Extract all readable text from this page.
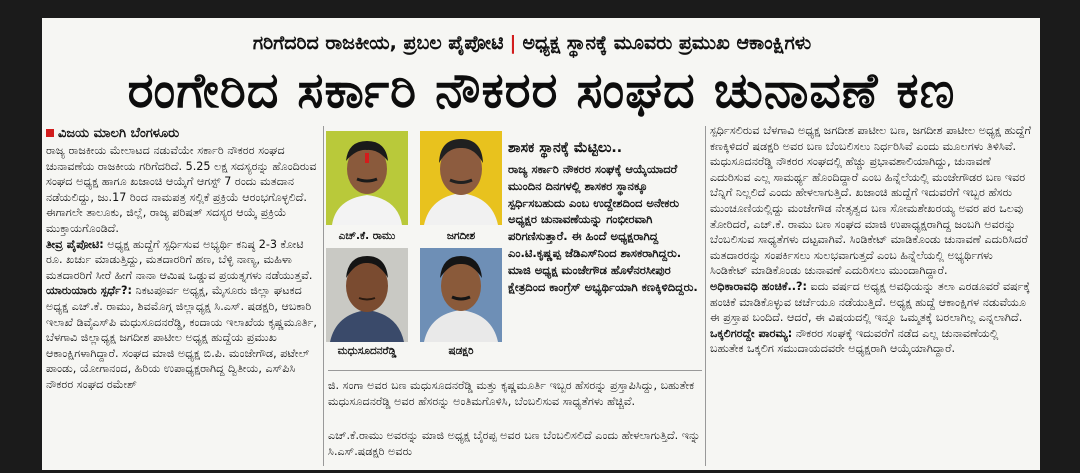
ಗರಿಗೆದರಿದ ರಾಜಕೀಯ, ಪ್ರಬಲ ಪೈಪೋಟಿ | ಅಧ್ಯಕ್ಷ ಸ್ಥಾನಕ್ಕೆ ಮೂವರು ಪ್ರಮುಖ ಆಕಾಂಕ್ಷಿಗಳು
ರಂಗೇರಿದ ಸರ್ಕಾರಿ ನೌಕರರ ಸಂಘದ ಚುನಾವಣೆ ಕಣ
ವಿಜಯ ಮಾಲಗಿ ಬೆಂಗಳೂರು

ರಾಜ್ಯ ರಾಜಕೀಯ ಮೇಲಾಟದ ನಡುವೆಯೇ ಸರ್ಕಾರಿ ನೌಕರರ ಸಂಘದ ಚುನಾವಣೆಯ ರಾಜಕೀಯ ಗರಿಗೆದರಿದೆ. 5.25 ಲಕ್ಷ ಸದಸ್ಯರನ್ನು ಹೊಂದಿರುವ ಸಂಘದ ಅಧ್ಯಕ್ಷ ಹಾಗೂ ಖಜಾಂಚಿ ಆಯ್ಕೆಗೆ ಆಗಸ್ಟ್ 7 ರಂದು ಮತದಾನ ನಡೆಯಲಿದ್ದು, ಜು.17 ರಿಂದ ನಾಮಪತ್ರ ಸಲ್ಲಿಕೆ ಪ್ರಕ್ರಿಯೆ ಆರಂಭಗೊಳ್ಳಲಿದೆ. ಈಗಾಗಲೇ ತಾಲೂಕು, ಜಿಲ್ಲೆ, ರಾಜ್ಯ ಪರಿಷತ್ ಸದಸ್ಯರ ಆಯ್ಕೆ ಪ್ರಕ್ರಿಯೆ ಮುಕ್ತಾಯಗೊಂಡಿದೆ.

ತೀವ್ರ ಪೈಪೋಟಿ: ಅಧ್ಯಕ್ಷ ಹುದ್ದೆಗೆ ಸ್ಪರ್ಧಿಸುವ ಅಭ್ಯರ್ಥಿ ಕನಿಷ್ಠ 2-3 ಕೋಟಿ ರೂ. ಖರ್ಚು ಮಾಡುತ್ತಿದ್ದು, ಮತದಾರರಿಗೆ ಹಣ, ಬೆಳ್ಳಿ ನಾಣ್ಯ, ಮಹಿಳಾ ಮತದಾರರಿಗೆ ಸೀರೆ ಹೀಗೆ ನಾನಾ ಆಮಿಷ ಒಡ್ಡುವ ಪ್ರಯತ್ನಗಳು ನಡೆಯುತ್ತವೆ.

ಯಾರುಯಾರು ಸ್ಪರ್ಧೆ?: ನಿಕಟಪೂರ್ವ ಅಧ್ಯಕ್ಷ, ಮೈಸೂರು ಜಿಲ್ಲಾ ಘಟಕದ ಅಧ್ಯಕ್ಷ ಎಚ್.ಕೆ. ರಾಮು, ಶಿವಮೊಗ್ಗ ಜಿಲ್ಲಾಧ್ಯಕ್ಷ ಸಿ.ಎಸ್. ಷಡಕ್ಷರಿ, ಆಬಕಾರಿ ಇಲಾಖೆ ಡಿವೈಎಸ್‌ಪಿ ಮಧುಸೂದನರೆಡ್ಡಿ, ಕಂದಾಯ ಇಲಾಖೆಯ ಕೃಷ್ಣಮೂರ್ತಿ, ಬೆಳಗಾವಿ ಜಿಲ್ಲಾಧ್ಯಕ್ಷ ಜಗದೀಶ ಪಾಟೀಲ ಅಧ್ಯಕ್ಷ ಹುದ್ದೆಯ ಪ್ರಮುಖ ಆಕಾಂಕ್ಷಿಗಳಾಗಿದ್ದಾರೆ. ಸಂಘದ ಮಾಜಿ ಅಧ್ಯಕ್ಷ ಬಿ.ಪಿ. ಮಂಜೇಗೌಡ, ಪಟೇಲ್ ಪಾಂಡು, ಯೋಗಾನಂದ, ಹಿರಿಯ ಉಪಾಧ್ಯಕ್ಷರಾಗಿದ್ದ ದ್ವಿತೀಯ, ಎಸ್‌ಪಿಸಿ ನೌಕರರ ಸಂಘದ ರಮೇಶ್

ಎಚ್.ಕೆ. ರಾಮು	ಜಗದೀಶ
ಮಧುಸೂದನರೆಡ್ಡಿ	ಷಡಕ್ಷರಿ
ಶಾಸಕ ಸ್ಥಾನಕ್ಕೆ ಮೆಟ್ಟಿಲು..
ರಾಜ್ಯ ಸರ್ಕಾರಿ ನೌಕರರ ಸಂಘಕ್ಕೆ ಆಯ್ಕೆಯಾದರೆ ಮುಂದಿನ ದಿನಗಳಲ್ಲಿ ಶಾಸಕರ ಸ್ಥಾನಕ್ಕೂ ಸ್ಪರ್ಧಿಸಬಹುದು ಎಂಬ ಉದ್ದೇಶದಿಂದ ಅನೇಕರು ಅಧ್ಯಕ್ಷರ ಚುನಾವಣೆಯನ್ನು ಗಂಭೀರವಾಗಿ ಪರಿಗಣಿಸುತ್ತಾರೆ. ಈ ಹಿಂದೆ ಅಧ್ಯಕ್ಷರಾಗಿದ್ದ ಎಂ.ಟಿ.ಕೃಷ್ಣಪ್ಪ ಜೆಡಿಎಸ್‌ನಿಂದ ಶಾಸಕರಾಗಿದ್ದರು. ಮಾಜಿ ಅಧ್ಯಕ್ಷ ಮಂಜೇಗೌಡ ಹೊಳೆನರಸೀಪುರ ಕ್ಷೇತ್ರದಿಂದ ಕಾಂಗ್ರೆಸ್ ಅಭ್ಯರ್ಥಿಯಾಗಿ ಕಣಕ್ಕಿಳಿದಿದ್ದರು.
ಜಿ. ಸಂಗಾ ಅವರ ಬಣ ಮಧುಸೂದನರೆಡ್ಡಿ ಮತ್ತು ಕೃಷ್ಣಮೂರ್ತಿ ಇಬ್ಬರ ಹೆಸರನ್ನು ಪ್ರಸ್ತಾಪಿಸಿದ್ದು, ಬಹುತೇಕ ಮಧುಸೂದನರೆಡ್ಡಿ ಅವರ ಹೆಸರನ್ನು ಅಂತಿಮಗೊಳಿಸಿ, ಬೆಂಬಲಿಸುವ ಸಾಧ್ಯತೆಗಳು ಹೆಚ್ಚಿವೆ.
ಎಚ್.ಕೆ.ರಾಮು ಅವರನ್ನು ಮಾಜಿ ಅಧ್ಯಕ್ಷ ಬೈರಪ್ಪ ಅವರ ಬಣ ಬೆಂಬಲಿಸಲಿದೆ ಎಂದು ಹೇಳಲಾಗುತ್ತಿದೆ. ಇನ್ನು ಸಿ.ಎಸ್.ಷಡಕ್ಷರಿ ಅವರು

ಸ್ಪರ್ಧಿಸಲಿರುವ ಬೆಳಗಾವಿ ಅಧ್ಯಕ್ಷ ಜಗದೀಶ ಪಾಟೀಲ ಬಣ, ಜಗದೀಶ ಪಾಟೀಲ ಅಧ್ಯಕ್ಷ ಹುದ್ದೆಗೆ ಕಣಕ್ಕಿಳಿದರೆ ಷಡಕ್ಷರಿ ಅವರ ಬಣ ಬೆಂಬಲಿಸಲು ನಿರ್ಧರಿಸಿವೆ ಎಂದು ಮೂಲಗಳು ತಿಳಿಸಿವೆ.

ಮಧುಸೂದನರೆಡ್ಡಿ ನೌಕರರ ಸಂಘದಲ್ಲಿ ಹೆಚ್ಚು ಪ್ರಭಾವಶಾಲಿಯಾಗಿದ್ದು, ಚುನಾವಣೆ ಎದುರಿಸುವ ಎಲ್ಲ ಸಾಮರ್ಥ್ಯ ಹೊಂದಿದ್ದಾರೆ ಎಂಬ ಹಿನ್ನೆಲೆಯಲ್ಲಿ ಮಂಜೇಗೌಡರ ಬಣ ಇವರ ಬೆನ್ನಿಗೆ ನಿಲ್ಲಲಿದೆ ಎಂದು ಹೇಳಲಾಗುತ್ತಿದೆ. ಖಜಾಂಚಿ ಹುದ್ದೆಗೆ ಇದುವರೆಗೆ ಇಬ್ಬರ ಹೆಸರು ಮುಂಚೂಣಿಯಲ್ಲಿದ್ದು ಮಂಜೇಗೌಡ ನೇತೃತ್ವದ ಬಣ ಸೋಮಶೇಖರಯ್ಯ ಅವರ ಪರ ಒಲವು ತೋರಿದರೆ, ಎಚ್.ಕೆ. ರಾಮು ಬಣ ಸಂಘದ ಮಾಜಿ ಉಪಾಧ್ಯಕ್ಷರಾಗಿದ್ದ ಜಂಬಗಿ ಅವರನ್ನು ಬೆಂಬಲಿಸುವ ಸಾಧ್ಯತೆಗಳು ದಟ್ಟವಾಗಿವೆ. ಸಿಂಡಿಕೇಟ್ ಮಾಡಿಕೊಂಡು ಚುನಾವಣೆ ಎದುರಿಸಿದರೆ ಮತದಾರರನ್ನು ಸಂಪರ್ಕಿಸಲು ಸುಲಭವಾಗುತ್ತದೆ ಎಂಬ ಹಿನ್ನೆಲೆಯಲ್ಲಿ ಅಭ್ಯರ್ಥಿಗಳು ಸಿಂಡಿಕೇಟ್ ಮಾಡಿಕೊಂಡು ಚುನಾವಣೆ ಎದುರಿಸಲು ಮುಂದಾಗಿದ್ದಾರೆ.

ಅಧಿಕಾರಾವಧಿ ಹಂಚಿಕೆ..?: ಐದು ವರ್ಷದ ಅಧ್ಯಕ್ಷ ಅವಧಿಯನ್ನು ತಲಾ ಎರಡೂವರೆ ವರ್ಷಕ್ಕೆ ಹಂಚಿಕೆ ಮಾಡಿಕೊಳ್ಳುವ ಚರ್ಚೆಯೂ ನಡೆಯುತ್ತಿದೆ. ಅಧ್ಯಕ್ಷ ಹುದ್ದೆ ಆಕಾಂಕ್ಷಿಗಳ ನಡುವೆಯೂ ಈ ಪ್ರಸ್ತಾಪ ಬಂದಿದೆ. ಆದರೆ, ಈ ವಿಷಯದಲ್ಲಿ ಇನ್ನೂ ಒಮ್ಮತಕ್ಕೆ ಬರಲಾಗಿಲ್ಲ ಎನ್ನಲಾಗಿದೆ.

ಒಕ್ಕಲಿಗರದ್ದೇ ಪಾರಮ್ಯ: ನೌಕರರ ಸಂಘಕ್ಕೆ ಇದುವರೆಗೆ ನಡೆದ ಎಲ್ಲ ಚುನಾವಣೆಯಲ್ಲಿ ಬಹುತೇಕ ಒಕ್ಕಲಿಗ ಸಮುದಾಯದವರೇ ಅಧ್ಯಕ್ಷರಾಗಿ ಆಯ್ಕೆಯಾಗಿದ್ದಾರೆ.
